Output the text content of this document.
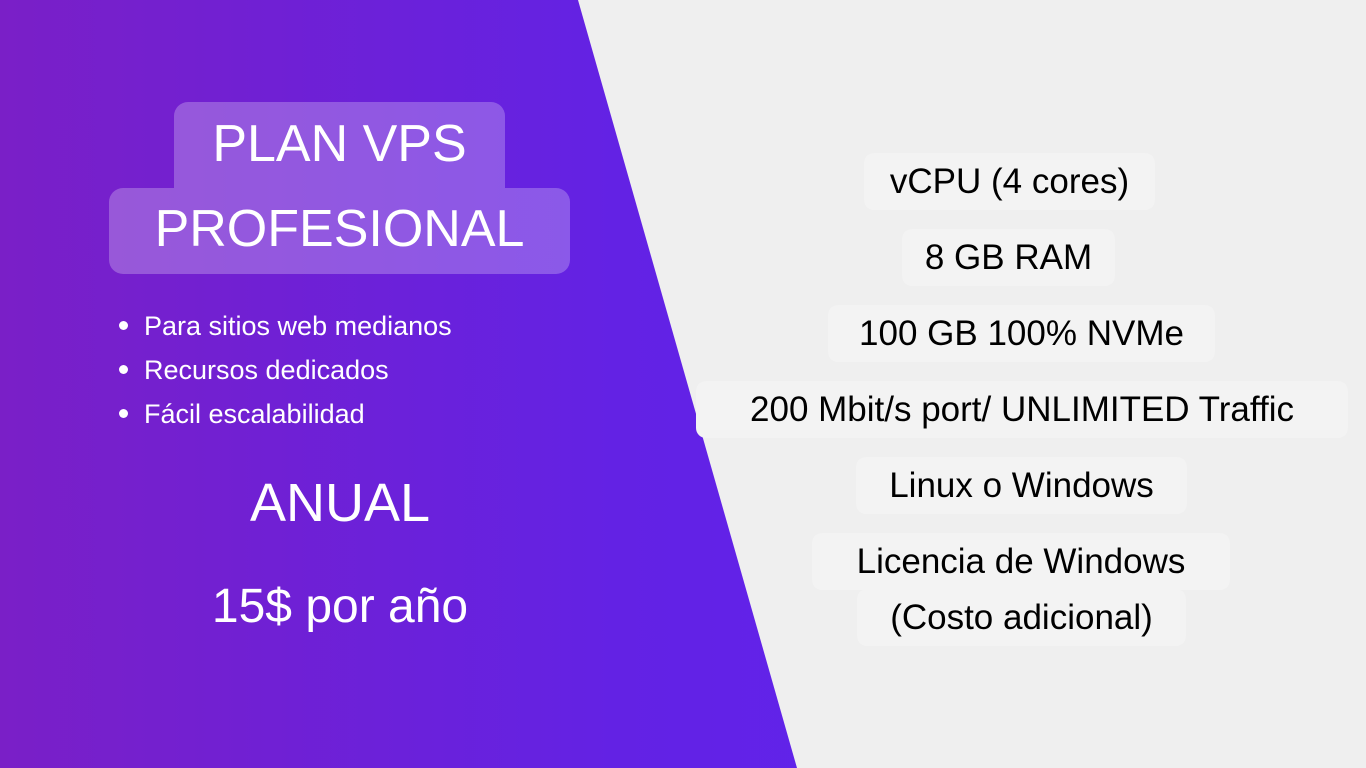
PLAN VPS
PROFESIONAL
Para sitios web medianos
Recursos dedicados
Fácil escalabilidad
ANUAL
15$ por año
vCPU (4 cores)
8 GB RAM
100 GB 100% NVMe
200 Mbit/s port/ UNLIMITED Traffic
Linux o Windows
Licencia de Windows
(Costo adicional)
